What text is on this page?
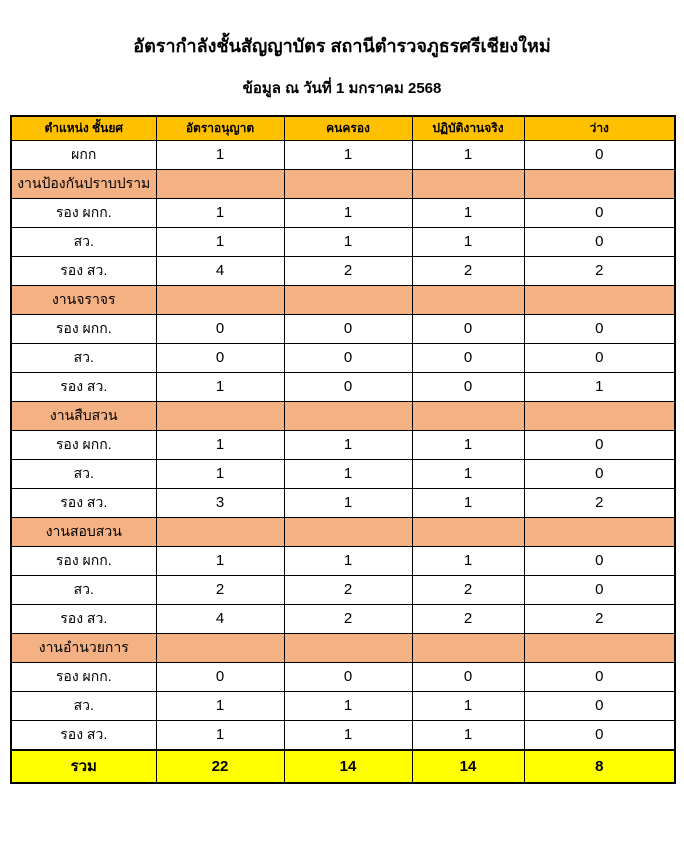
อัตรากำลังชั้นสัญญาบัตร สถานีตำรวจภูธรศรีเชียงใหม่
ข้อมูล ณ วันที่ 1 มกราคม 2568
ตำแหน่ง ชั้นยศ	อัตราอนุญาต	คนครอง	ปฏิบัติงานจริง	ว่าง
ผกก	1	1	1	0
งานป้องกันปราบปราม				
รอง ผกก.	1	1	1	0
สว.	1	1	1	0
รอง สว.	4	2	2	2
งานจราจร				
รอง ผกก.	0	0	0	0
สว.	0	0	0	0
รอง สว.	1	0	0	1
งานสืบสวน				
รอง ผกก.	1	1	1	0
สว.	1	1	1	0
รอง สว.	3	1	1	2
งานสอบสวน				
รอง ผกก.	1	1	1	0
สว.	2	2	2	0
รอง สว.	4	2	2	2
งานอำนวยการ				
รอง ผกก.	0	0	0	0
สว.	1	1	1	0
รอง สว.	1	1	1	0
รวม	22	14	14	8
